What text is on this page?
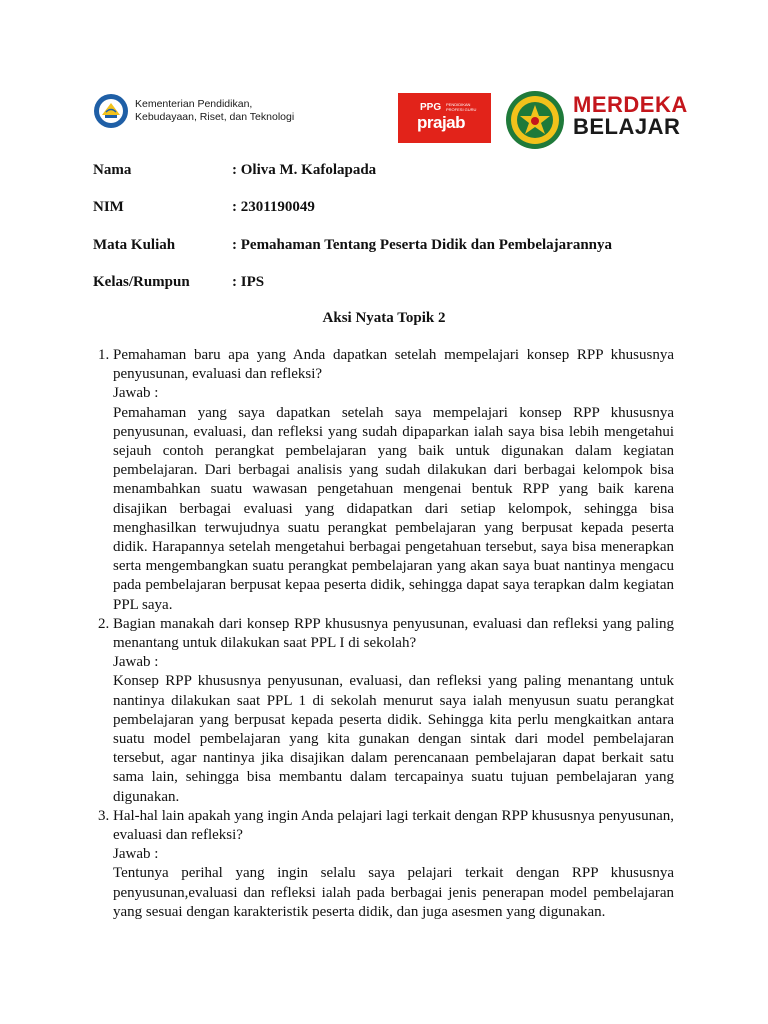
Kementerian Pendidikan,
Kebudayaan, Riset, dan Teknologi
PPG PENDIDIKAN PROFESI GURU
prajab
MERDEKA
BELAJAR
Nama	: Oliva M. Kafolapada
NIM	: 2301190049
Mata Kuliah	: Pemahaman Tentang Peserta Didik dan Pembelajarannya
Kelas/Rumpun	: IPS
Aksi Nyata Topik 2
1. Pemahaman baru apa yang Anda dapatkan setelah mempelajari konsep RPP khususnya penyusunan, evaluasi dan refleksi?
Jawab :
Pemahaman yang saya dapatkan setelah saya mempelajari konsep RPP khususnya penyusunan, evaluasi, dan refleksi yang sudah dipaparkan ialah saya bisa lebih mengetahui sejauh contoh perangkat pembelajaran yang baik untuk digunakan dalam kegiatan pembelajaran. Dari berbagai analisis yang sudah dilakukan dari berbagai kelompok bisa menambahkan suatu wawasan pengetahuan mengenai bentuk RPP yang baik karena disajikan berbagai evaluasi yang didapatkan dari setiap kelompok, sehingga bisa menghasilkan terwujudnya suatu perangkat pembelajaran yang berpusat kepada peserta didik. Harapannya setelah mengetahui berbagai pengetahuan tersebut, saya bisa menerapkan serta mengembangkan suatu perangkat pembelajaran yang akan saya buat nantinya mengacu pada pembelajaran berpusat kepaa peserta didik, sehingga dapat saya terapkan dalm kegiatan PPL saya.
2. Bagian manakah dari konsep RPP khususnya penyusunan, evaluasi dan refleksi yang paling menantang untuk dilakukan saat PPL I di sekolah?
Jawab :
Konsep RPP khususnya penyusunan, evaluasi, dan refleksi yang paling menantang untuk nantinya dilakukan saat PPL 1 di sekolah menurut saya ialah menyusun suatu perangkat pembelajaran yang berpusat kepada peserta didik. Sehingga kita perlu mengkaitkan antara suatu model pembelajaran yang kita gunakan dengan sintak dari model pembelajaran tersebut, agar nantinya jika disajikan dalam perencanaan pembelajaran dapat berkait satu sama lain, sehingga bisa membantu dalam tercapainya suatu tujuan pembelajaran yang digunakan.
3. Hal-hal lain apakah yang ingin Anda pelajari lagi terkait dengan RPP khususnya penyusunan, evaluasi dan refleksi?
Jawab :
Tentunya perihal yang ingin selalu saya pelajari terkait dengan RPP khususnya penyusunan,evaluasi dan refleksi ialah pada berbagai jenis penerapan model pembelajaran yang sesuai dengan karakteristik peserta didik, dan juga asesmen yang digunakan.
